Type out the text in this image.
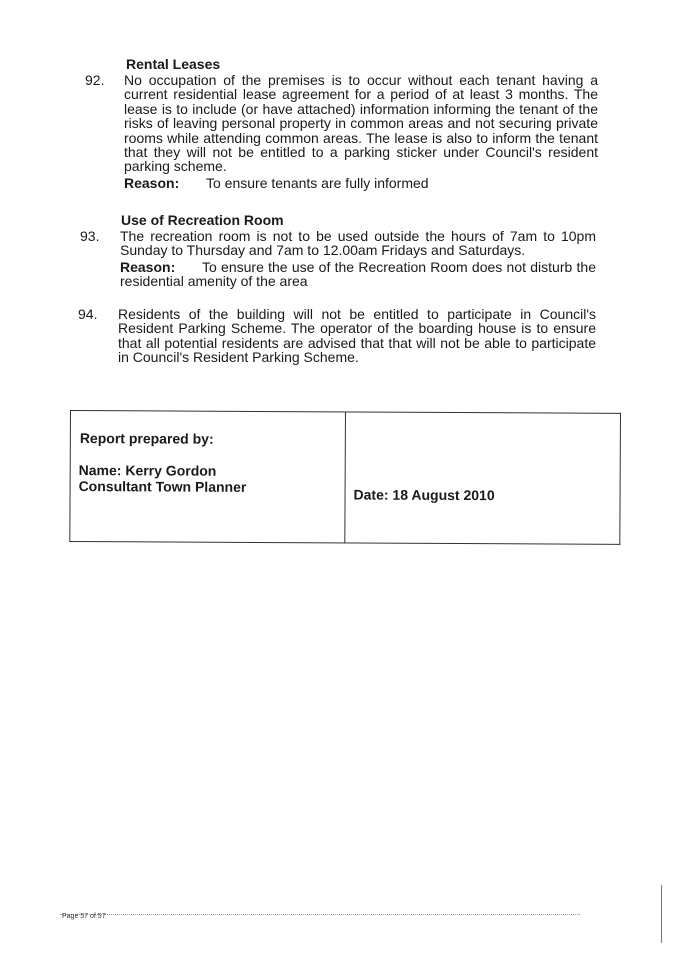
Rental Leases
92. No occupation of the premises is to occur without each tenant having a current residential lease agreement for a period of at least 3 months. The lease is to include (or have attached) information informing the tenant of the risks of leaving personal property in common areas and not securing private rooms while attending common areas. The lease is also to inform the tenant that they will not be entitled to a parking sticker under Council's resident parking scheme.
Reason: To ensure tenants are fully informed
Use of Recreation Room
93. The recreation room is not to be used outside the hours of 7am to 10pm Sunday to Thursday and 7am to 12.00am Fridays and Saturdays.
Reason: To ensure the use of the Recreation Room does not disturb the residential amenity of the area
94. Residents of the building will not be entitled to participate in Council's Resident Parking Scheme. The operator of the boarding house is to ensure that all potential residents are advised that that will not be able to participate in Council's Resident Parking Scheme.
Report prepared by:
Name: Kerry Gordon
Consultant Town Planner	Date: 18 August 2010
Page 57 of 57
